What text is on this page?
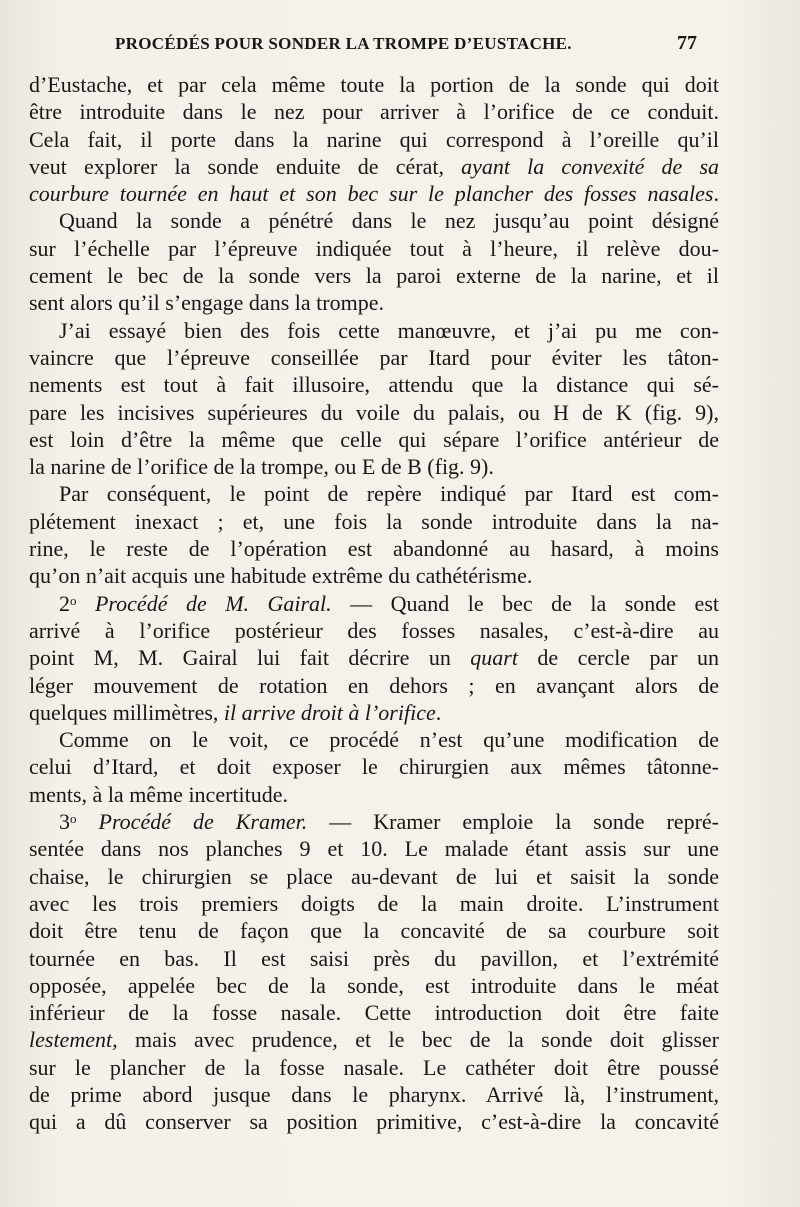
PROCÉDÉS POUR SONDER LA TROMPE D’EUSTACHE.	77
d’Eustache, et par cela même toute la portion de la sonde qui doit
être introduite dans le nez pour arriver à l’orifice de ce conduit.
Cela fait, il porte dans la narine qui correspond à l’oreille qu’il
veut explorer la sonde enduite de cérat, ayant la convexité de sa
courbure tournée en haut et son bec sur le plancher des fosses nasales.
Quand la sonde a pénétré dans le nez jusqu’au point désigné
sur l’échelle par l’épreuve indiquée tout à l’heure, il relève dou-
cement le bec de la sonde vers la paroi externe de la narine, et il
sent alors qu’il s’engage dans la trompe.
J’ai essayé bien des fois cette manœuvre, et j’ai pu me con-
vaincre que l’épreuve conseillée par Itard pour éviter les tâton-
nements est tout à fait illusoire, attendu que la distance qui sé-
pare les incisives supérieures du voile du palais, ou H de K (fig. 9),
est loin d’être la même que celle qui sépare l’orifice antérieur de
la narine de l’orifice de la trompe, ou E de B (fig. 9).
Par conséquent, le point de repère indiqué par Itard est com-
plétement inexact ; et, une fois la sonde introduite dans la na-
rine, le reste de l’opération est abandonné au hasard, à moins
qu’on n’ait acquis une habitude extrême du cathétérisme.
2$^o$ Procédé de M. Gairal. — Quand le bec de la sonde est
arrivé à l’orifice postérieur des fosses nasales, c’est-à-dire au
point M, M. Gairal lui fait décrire un quart de cercle par un
léger mouvement de rotation en dehors ; en avançant alors de
quelques millimètres, il arrive droit à l’orifice.
Comme on le voit, ce procédé n’est qu’une modification de
celui d’Itard, et doit exposer le chirurgien aux mêmes tâtonne-
ments, à la même incertitude.
3$^o$ Procédé de Kramer. — Kramer emploie la sonde repré-
sentée dans nos planches 9 et 10. Le malade étant assis sur une
chaise, le chirurgien se place au-devant de lui et saisit la sonde
avec les trois premiers doigts de la main droite. L’instrument
doit être tenu de façon que la concavité de sa courbure soit
tournée en bas. Il est saisi près du pavillon, et l’extrémité
opposée, appelée bec de la sonde, est introduite dans le méat
inférieur de la fosse nasale. Cette introduction doit être faite
lestement, mais avec prudence, et le bec de la sonde doit glisser
sur le plancher de la fosse nasale. Le cathéter doit être poussé
de prime abord jusque dans le pharynx. Arrivé là, l’instrument,
qui a dû conserver sa position primitive, c’est-à-dire la concavité
